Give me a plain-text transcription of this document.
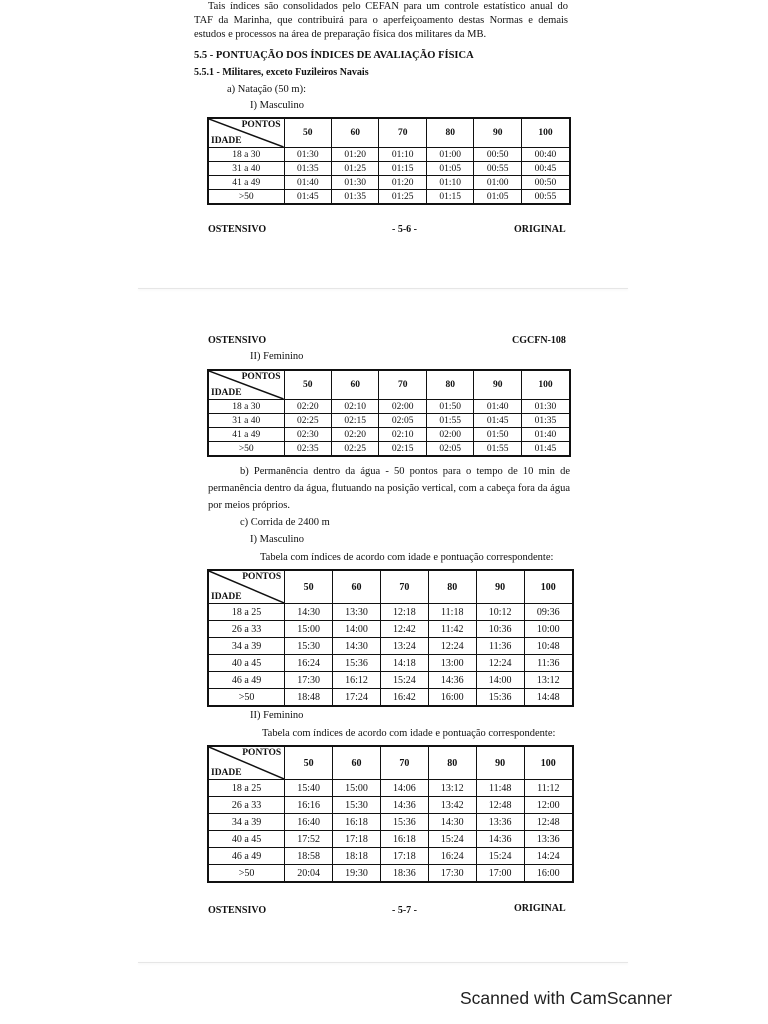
Tais índices são consolidados pelo CEFAN para um controle estatístico anual do
TAF da Marinha, que contribuirá para o aperfeiçoamento destas Normas e demais
estudos e processos na área de preparação física dos militares da MB.
5.5 - PONTUAÇÃO DOS ÍNDICES DE AVALIAÇÃO FÍSICA
5.5.1 - Militares, exceto Fuzileiros Navais
a) Natação (50 m):
I) Masculino
PONTOS
IDADE	50	60	70	80	90	100
18 a 30	01:30	01:20	01:10	01:00	00:50	00:40
31 a 40	01:35	01:25	01:15	01:05	00:55	00:45
41 a 49	01:40	01:30	01:20	01:10	01:00	00:50
>50	01:45	01:35	01:25	01:15	01:05	00:55
OSTENSIVO	- 5-6 -	ORIGINAL
OSTENSIVO	CGCFN-108
II) Feminino
PONTOS
IDADE	50	60	70	80	90	100
18 a 30	02:20	02:10	02:00	01:50	01:40	01:30
31 a 40	02:25	02:15	02:05	01:55	01:45	01:35
41 a 49	02:30	02:20	02:10	02:00	01:50	01:40
>50	02:35	02:25	02:15	02:05	01:55	01:45
b) Permanência dentro da água - 50 pontos para o tempo de 10 min de
permanência dentro da água, flutuando na posição vertical, com a cabeça fora da água
por meios próprios.
c) Corrida de 2400 m
I) Masculino
Tabela com índices de acordo com idade e pontuação correspondente:
PONTOS
IDADE	50	60	70	80	90	100
18 a 25	14:30	13:30	12:18	11:18	10:12	09:36
26 a 33	15:00	14:00	12:42	11:42	10:36	10:00
34 a 39	15:30	14:30	13:24	12:24	11:36	10:48
40 a 45	16:24	15:36	14:18	13:00	12:24	11:36
46 a 49	17:30	16:12	15:24	14:36	14:00	13:12
>50	18:48	17:24	16:42	16:00	15:36	14:48
II) Feminino
Tabela com índices de acordo com idade e pontuação correspondente:
PONTOS
IDADE	50	60	70	80	90	100
18 a 25	15:40	15:00	14:06	13:12	11:48	11:12
26 a 33	16:16	15:30	14:36	13:42	12:48	12:00
34 a 39	16:40	16:18	15:36	14:30	13:36	12:48
40 a 45	17:52	17:18	16:18	15:24	14:36	13:36
46 a 49	18:58	18:18	17:18	16:24	15:24	14:24
>50	20:04	19:30	18:36	17:30	17:00	16:00
OSTENSIVO	- 5-7 -	ORIGINAL
Scanned with CamScanner
